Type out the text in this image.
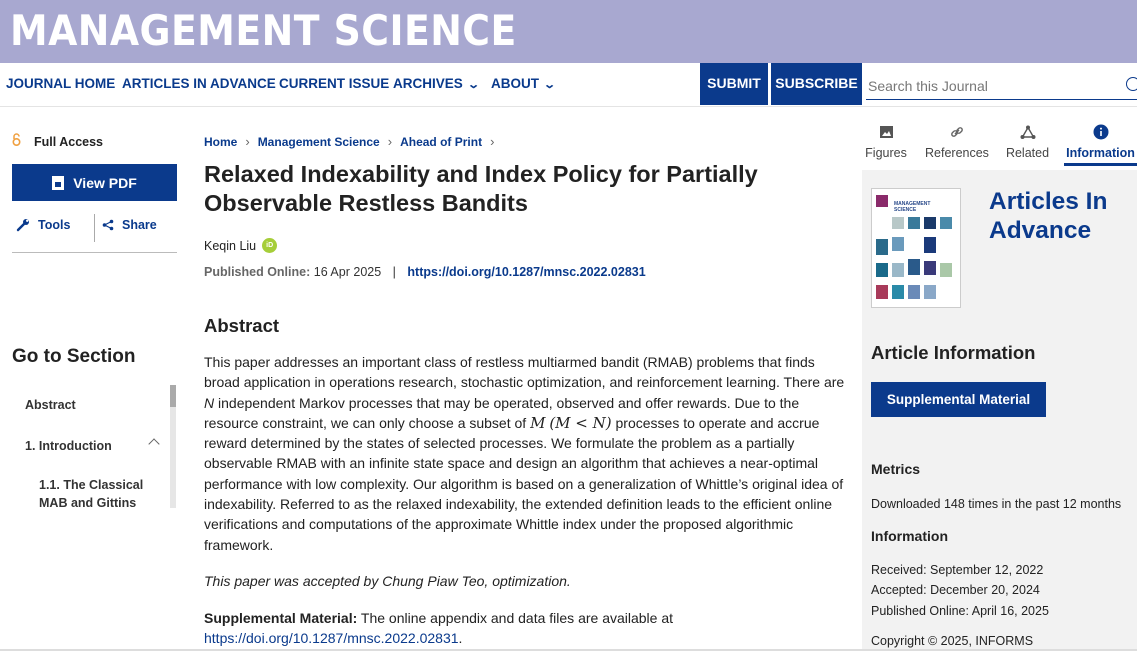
MANAGEMENT SCIENCE
JOURNAL HOME ARTICLES IN ADVANCE CURRENT ISSUE ARCHIVES ⌄ ABOUT ⌄	SUBMIT	SUBSCRIBE
Search this Journal
Full Access
View PDF
Tools	Share
Go to Section
Abstract
1. Introduction
1.1. The Classical
MAB and Gittins
Home › Management Science › Ahead of Print ›
Relaxed Indexability and Index Policy for Partially Observable Restless Bandits
Keqin Liu	iD
Published Online: 16 Apr 2025 | https://doi.org/10.1287/mnsc.2022.02831
Abstract

This paper addresses an important class of restless multiarmed bandit (RMAB) problems that finds broad application in operations research, stochastic optimization, and reinforcement learning. There are N independent Markov processes that may be operated, observed and offer rewards. Due to the resource constraint, we can only choose a subset of M (M < N) processes to operate and accrue reward determined by the states of selected processes. We formulate the problem as a partially observable RMAB with an infinite state space and design an algorithm that achieves a near-optimal performance with low complexity. Our algorithm is based on a generalization of Whittle’s original idea of indexability. Referred to as the relaxed indexability, the extended definition leads to the efficient online verifications and computations of the approximate Whittle index under the proposed algorithmic framework.

This paper was accepted by Chung Piaw Teo, optimization.

Supplemental Material: The online appendix and data files are available at
https://doi.org/10.1287/mnsc.2022.02831.

Figures References Related Information
MANAGEMENT
SCIENCE	Articles In
Advance
Article Information
Supplemental Material
Metrics
Downloaded 148 times in the past 12 months
Information
Received: September 12, 2022
Accepted: December 20, 2024
Published Online: April 16, 2025
Copyright © 2025, INFORMS
